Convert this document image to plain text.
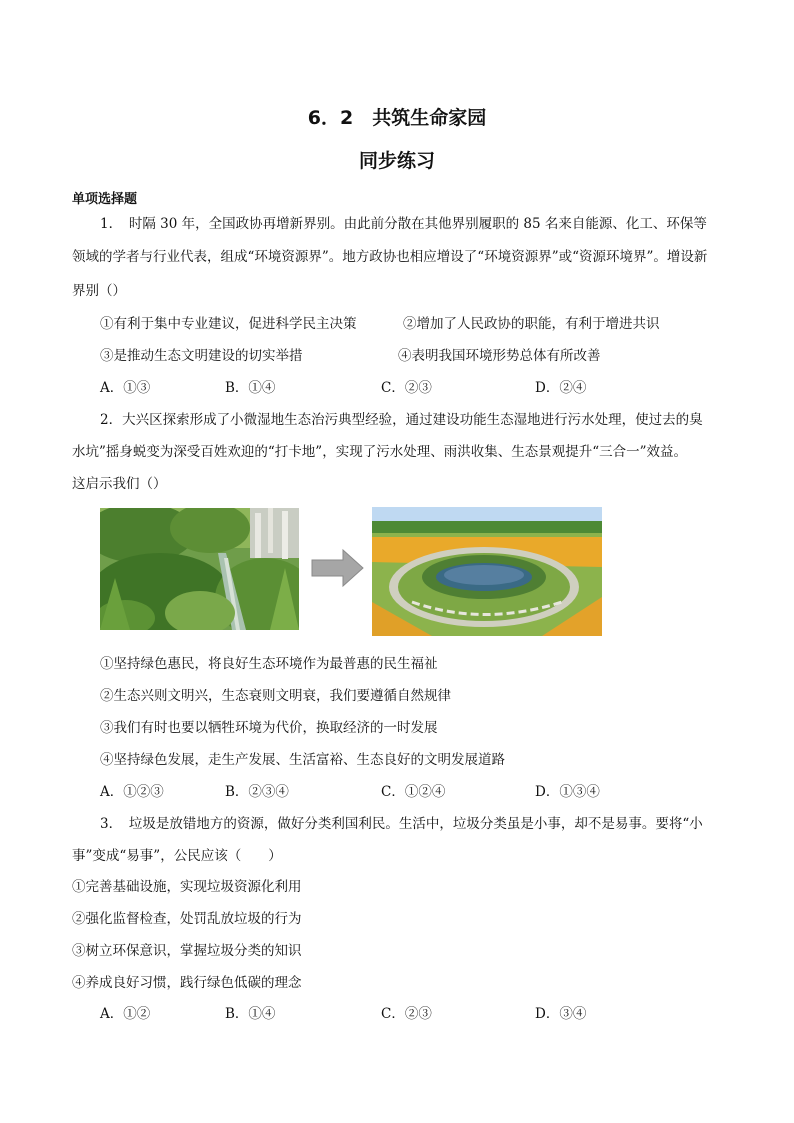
6．2　共筑生命家园
同步练习
单项选择题
1．　时隔 30 年，全国政协再增新界别。由此前分散在其他界别履职的 85 名来自能源、化工、环保等
领域的学者与行业代表，组成“环境资源界”。地方政协也相应增设了“环境资源界”或“资源环境界”。增设新
界别（）
①有利于集中专业建议，促进科学民主决策	②增加了人民政协的职能，有利于增进共识
③是推动生态文明建设的切实举措	④表明我国环境形势总体有所改善
A．①③	B．①④	C．②③	D．②④
2．大兴区探索形成了小微湿地生态治污典型经验，通过建设功能生态湿地进行污水处理，使过去的臭
水坑”摇身蜕变为深受百姓欢迎的“打卡地”，实现了污水处理、雨洪收集、生态景观提升“三合一”效益。
这启示我们（）
①坚持绿色惠民，将良好生态环境作为最普惠的民生福祉
②生态兴则文明兴，生态衰则文明衰，我们要遵循自然规律
③我们有时也要以牺牲环境为代价，换取经济的一时发展
④坚持绿色发展，走生产发展、生活富裕、生态良好的文明发展道路
A．①②③	B．②③④	C．①②④	D．①③④
3．　垃圾是放错地方的资源，做好分类利国利民。生活中，垃圾分类虽是小事，却不是易事。要将“小
事”变成“易事”，公民应该（　　）
①完善基础设施，实现垃圾资源化利用
②强化监督检查，处罚乱放垃圾的行为
③树立环保意识，掌握垃圾分类的知识
④养成良好习惯，践行绿色低碳的理念
A．①②	B．①④	C．②③	D．③④
